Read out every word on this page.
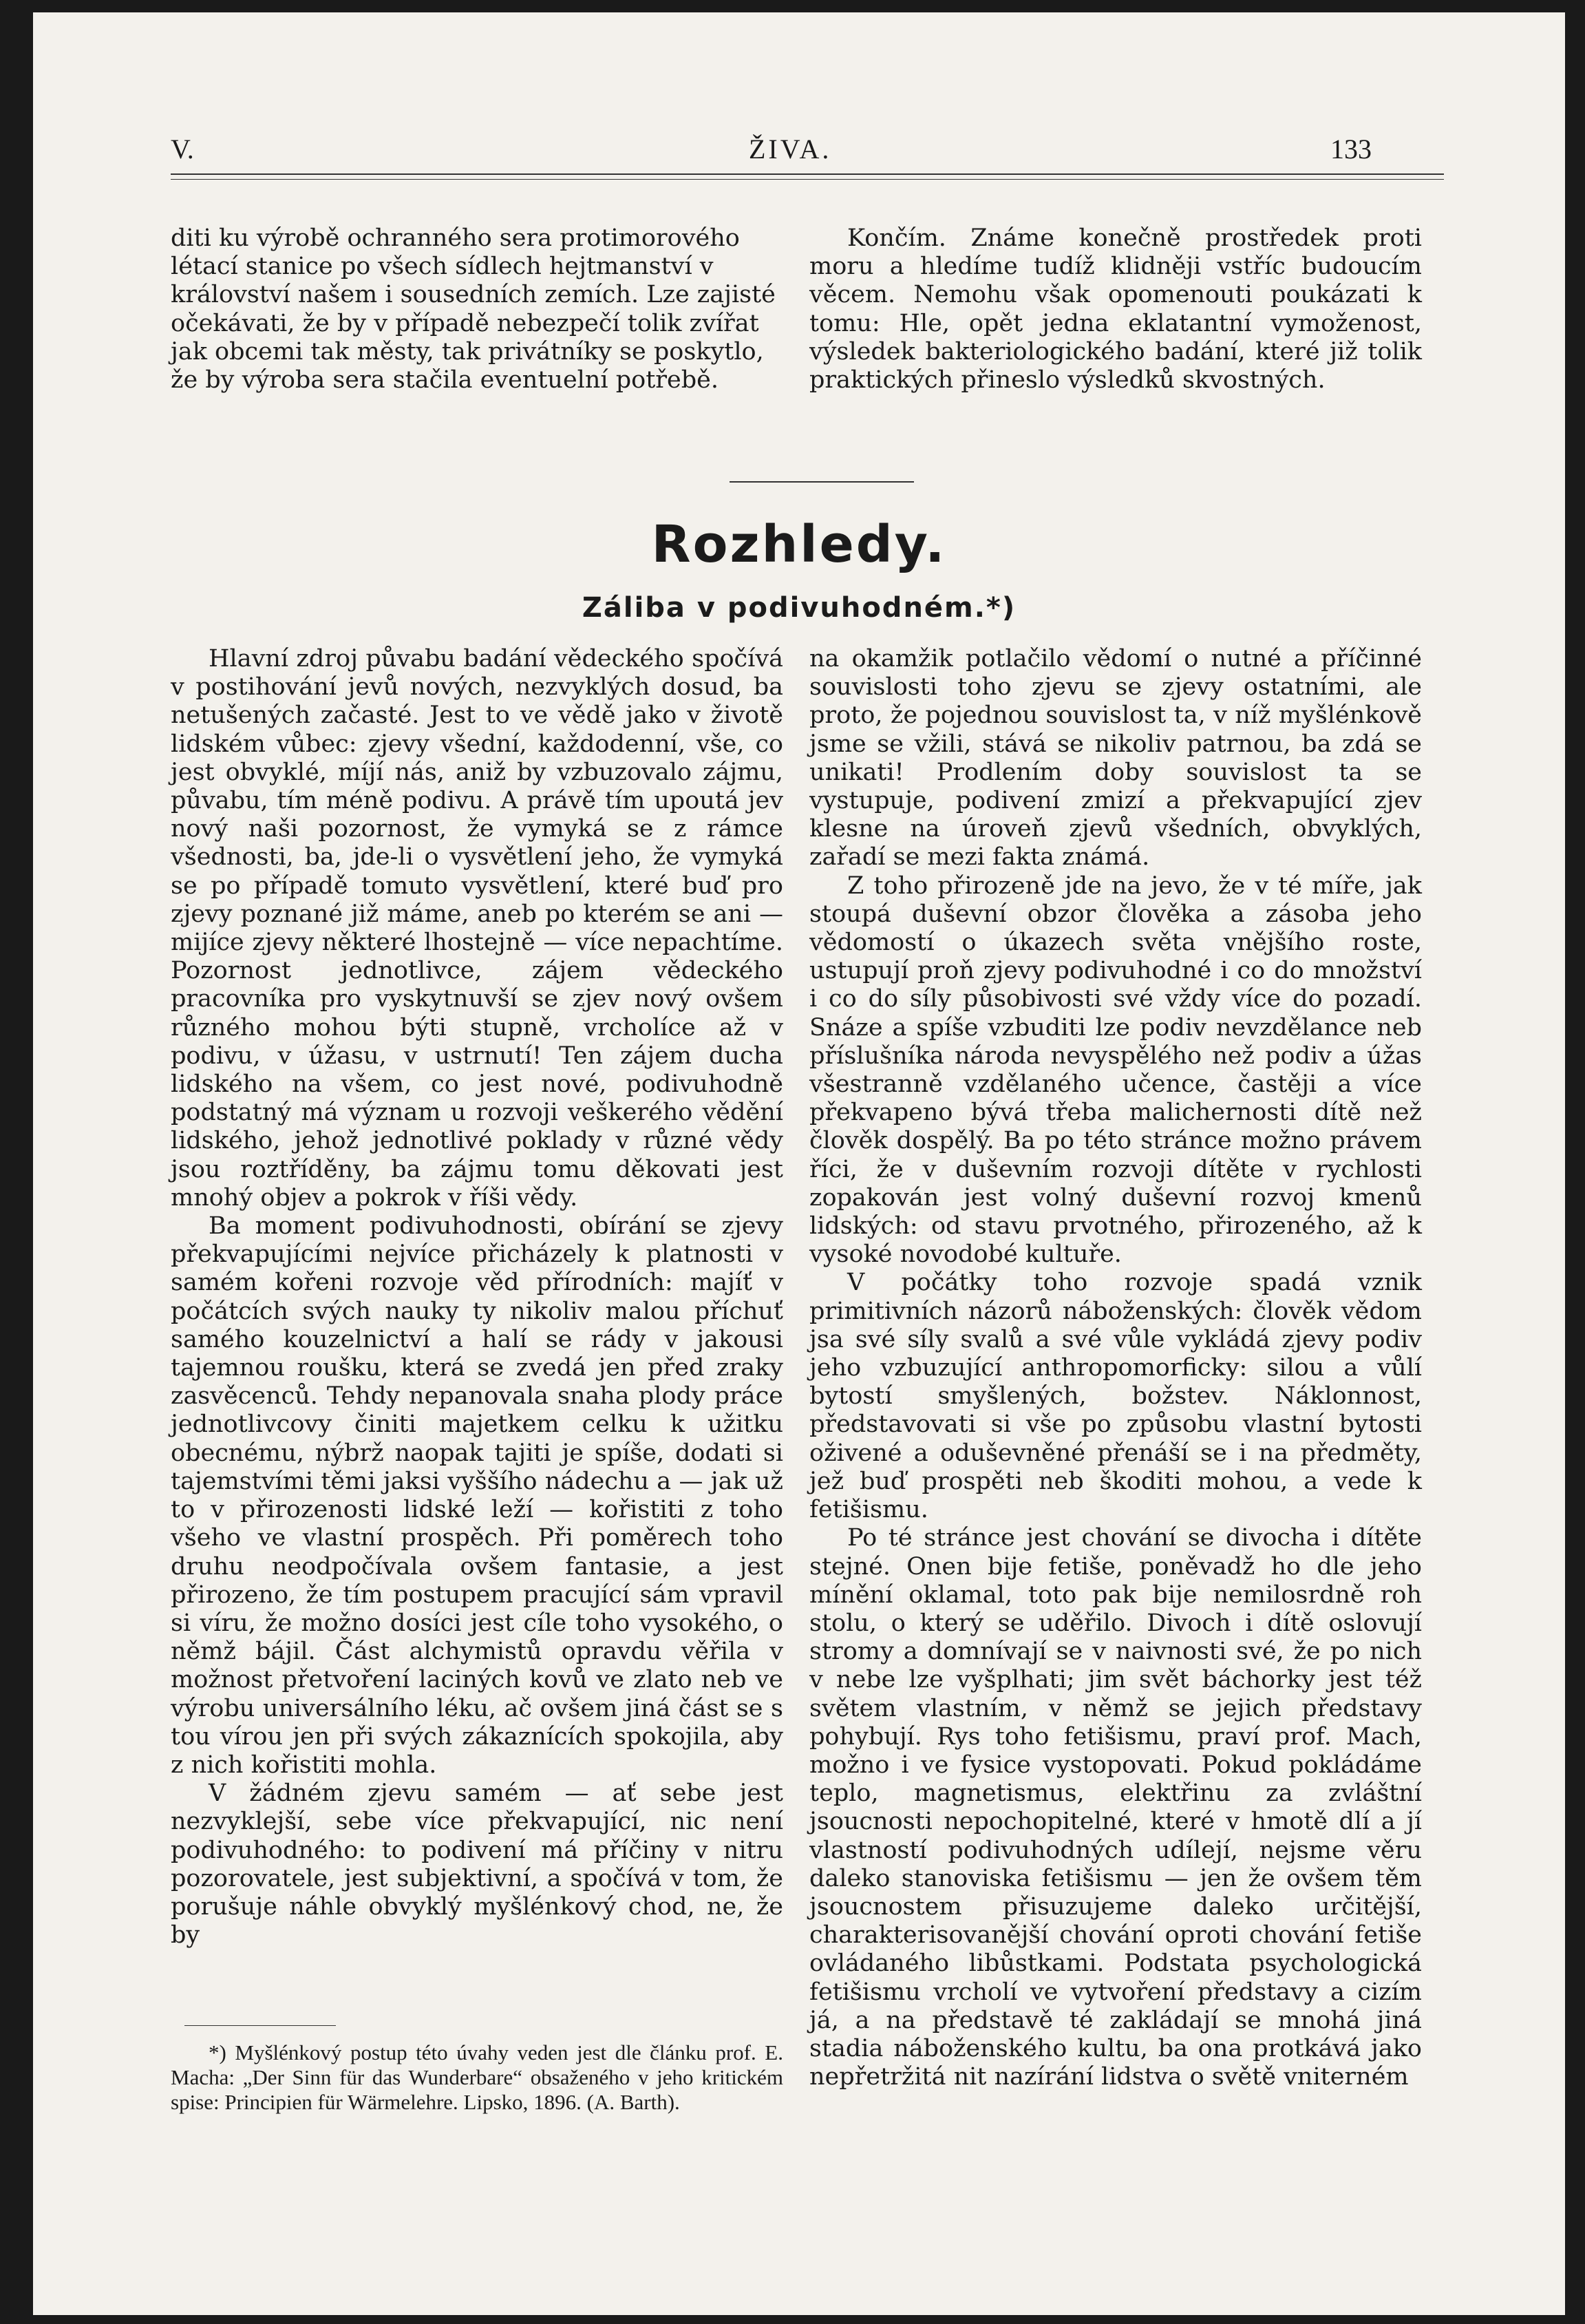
V.	ŽIVA.	133

diti ku výrobě ochranného sera protimorového létací stanice po všech sídlech hejtmanství v království našem i sousedních zemích. Lze zajisté očekávati, že by v případě nebezpečí tolik zvířat jak obcemi tak městy, tak privátníky se poskytlo, že by výroba sera stačila eventuelní potřebě.

Končím. Známe konečně prostředek proti moru a hledíme tudíž klidněji vstříc budoucím věcem. Nemohu však opomenouti poukázati k tomu: Hle, opět jedna eklatantní vymoženost, výsledek bakteriologického badání, které již tolik praktických přineslo výsledků skvostných.

Rozhledy.
Záliba v podivuhodném.*)

Hlavní zdroj půvabu badání vědeckého spočívá v postihování jevů nových, nezvyklých dosud, ba netušených začasté. Jest to ve vědě jako v životě lidském vůbec: zjevy všední, každodenní, vše, co jest obvyklé, míjí nás, aniž by vzbuzovalo zájmu, půvabu, tím méně podivu. A právě tím upoutá jev nový naši pozornost, že vymyká se z rámce všednosti, ba, jde-li o vysvětlení jeho, že vymyká se po případě tomuto vysvětlení, které buď pro zjevy poznané již máme, aneb po kterém se ani — mijíce zjevy některé lhostejně — více nepachtíme. Pozornost jednotlivce, zájem vědeckého pracovníka pro vyskytnuvší se zjev nový ovšem různého mohou býti stupně, vrcholíce až v podivu, v úžasu, v ustrnutí! Ten zájem ducha lidského na všem, co jest nové, podivuhodně podstatný má význam u rozvoji veškerého vědění lidského, jehož jednotlivé poklady v různé vědy jsou roztříděny, ba zájmu tomu děkovati jest mnohý objev a pokrok v říši vědy.

Ba moment podivuhodnosti, obírání se zjevy překvapujícími nejvíce přicházely k platnosti v samém kořeni rozvoje věd přírodních: majíť v počátcích svých nauky ty nikoliv malou příchuť samého kouzelnictví a halí se rády v jakousi tajemnou roušku, která se zvedá jen před zraky zasvěcenců. Tehdy nepanovala snaha plody práce jednotlivcovy činiti majetkem celku k užitku obecnému, nýbrž naopak tajiti je spíše, dodati si tajemstvími těmi jaksi vyššího nádechu a — jak už to v přirozenosti lidské leží — kořistiti z toho všeho ve vlastní prospěch. Při poměrech toho druhu neodpočívala ovšem fantasie, a jest přirozeno, že tím postupem pracující sám vpravil si víru, že možno dosíci jest cíle toho vysokého, o němž bájil. Část alchymistů opravdu věřila v možnost přetvoření laciných kovů ve zlato neb ve výrobu universálního léku, ač ovšem jiná část se s tou vírou jen při svých zákaznících spokojila, aby z nich kořistiti mohla.

V žádném zjevu samém — ať sebe jest nezvyklejší, sebe více překvapující, nic není podivuhodného: to podivení má příčiny v nitru pozorovatele, jest subjektivní, a spočívá v tom, že porušuje náhle obvyklý myšlénkový chod, ne, že by

na okamžik potlačilo vědomí o nutné a příčinné souvislosti toho zjevu se zjevy ostatními, ale proto, že pojednou souvislost ta, v níž myšlénkově jsme se vžili, stává se nikoliv patrnou, ba zdá se unikati! Prodlením doby souvislost ta se vystupuje, podivení zmizí a překvapující zjev klesne na úroveň zjevů všedních, obvyklých, zařadí se mezi fakta známá.

Z toho přirozeně jde na jevo, že v té míře, jak stoupá duševní obzor člověka a zásoba jeho vědomostí o úkazech světa vnějšího roste, ustupují proň zjevy podivuhodné i co do množství i co do síly působivosti své vždy více do pozadí. Snáze a spíše vzbuditi lze podiv nevzdělance neb příslušníka národa nevyspělého než podiv a úžas všestranně vzdělaného učence, častěji a více překvapeno bývá třeba malichernosti dítě než člověk dospělý. Ba po této stránce možno právem říci, že v duševním rozvoji dítěte v rychlosti zopakován jest volný duševní rozvoj kmenů lidských: od stavu prvotného, přirozeného, až k vysoké novodobé kultuře.

V počátky toho rozvoje spadá vznik primitivních názorů náboženských: člověk vědom jsa své síly svalů a své vůle vykládá zjevy podiv jeho vzbuzující anthropomorficky: silou a vůlí bytostí smyšlených, božstev. Náklonnost, představovati si vše po způsobu vlastní bytosti oživené a oduševněné přenáší se i na předměty, jež buď prospěti neb škoditi mohou, a vede k fetišismu.

Po té stránce jest chování se divocha i dítěte stejné. Onen bije fetiše, poněvadž ho dle jeho mínění oklamal, toto pak bije nemilosrdně roh stolu, o který se uděřilo. Divoch i dítě oslovují stromy a domnívají se v naivnosti své, že po nich v nebe lze vyšplhati; jim svět báchorky jest též světem vlastním, v němž se jejich představy pohybují. Rys toho fetišismu, praví prof. Mach, možno i ve fysice vystopovati. Pokud pokládáme teplo, magnetismus, elektřinu za zvláštní jsoucnosti nepochopitelné, které v hmotě dlí a jí vlastností podivuhodných udílejí, nejsme věru daleko stanoviska fetišismu — jen že ovšem těm jsoucnostem přisuzujeme daleko určitější, charakterisovanější chování oproti chování fetiše ovládaného libůstkami. Podstata psychologická fetišismu vrcholí ve vytvoření představy a cizím já, a na představě té zakládají se mnohá jiná stadia náboženského kultu, ba ona protkává jako nepřetržitá nit nazírání lidstva o světě vniterném

*) Myšlénkový postup této úvahy veden jest dle článku prof. E. Macha: „Der Sinn für das Wunderbare“ obsaženého v jeho kritickém spise: Principien für Wärmelehre. Lipsko, 1896. (A. Barth).
